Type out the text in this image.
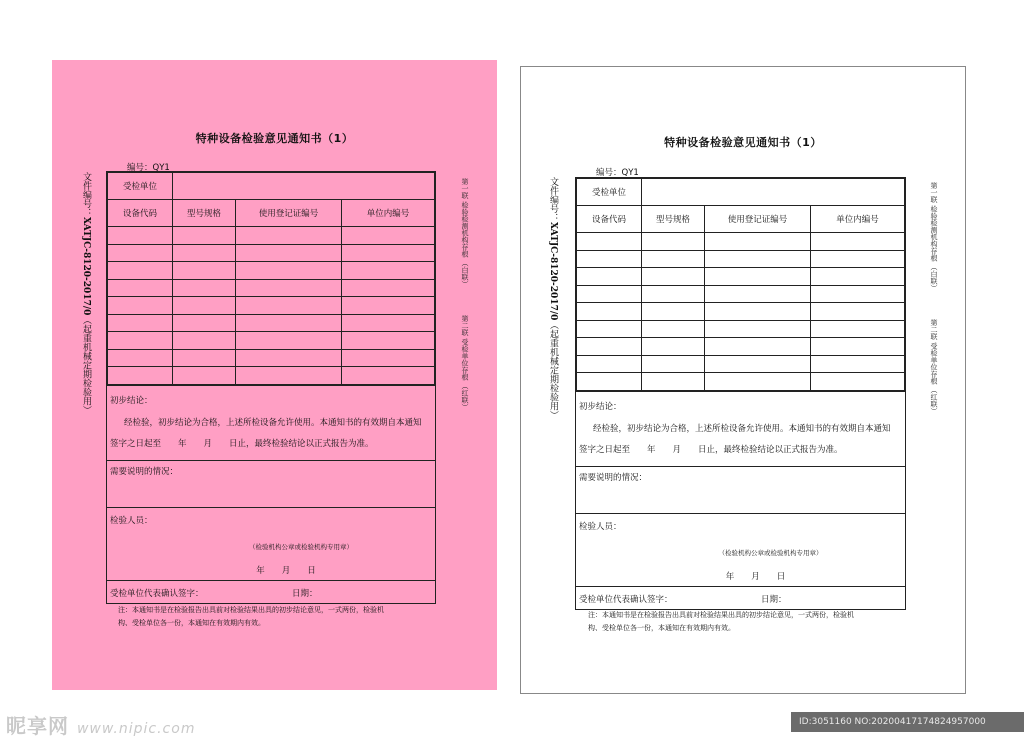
特种设备检验意见通知书（1）
编号：QY1
文件编号：XATJC-8120-2017/0（起重机械定期检验用）
第一联 检验检测机构存根 （白联）
第二联 受检单位存根 （红联）
受检单位			
设备代码	型号规格	使用登记证编号	单位内编号

初步结论：
经检验，初步结论为合格，上述所检设备允许使用。本通知书的有效期自本通知
签字之日起至　　年　　月　　日止，最终检验结论以正式报告为准。
需要说明的情况：
检验人员：
（检验机构公章或检验机构专用章）
年　　月　　日
受检单位代表确认签字：	日期：
注：本通知书是在检验报告出具前对检验结果出具的初步结论意见，一式两份，检验机
构、受检单位各一份，本通知在有效期内有效。
特种设备检验意见通知书（1）
编号：QY1
文件编号：XATJC-8120-2017/0（起重机械定期检验用）
第一联 检验检测机构存根 （白联）
第二联 受检单位存根 （红联）
受检单位			
设备代码	型号规格	使用登记证编号	单位内编号

初步结论：
经检验，初步结论为合格，上述所检设备允许使用。本通知书的有效期自本通知
签字之日起至　　年　　月　　日止，最终检验结论以正式报告为准。
需要说明的情况：
检验人员：
（检验机构公章或检验机构专用章）
年　　月　　日
受检单位代表确认签字：	日期：
注：本通知书是在检验报告出具前对检验结果出具的初步结论意见，一式两份，检验机
构、受检单位各一份，本通知在有效期内有效。
昵享网 www.nipic.com	ID:3051160 NO:20200417174824957000
